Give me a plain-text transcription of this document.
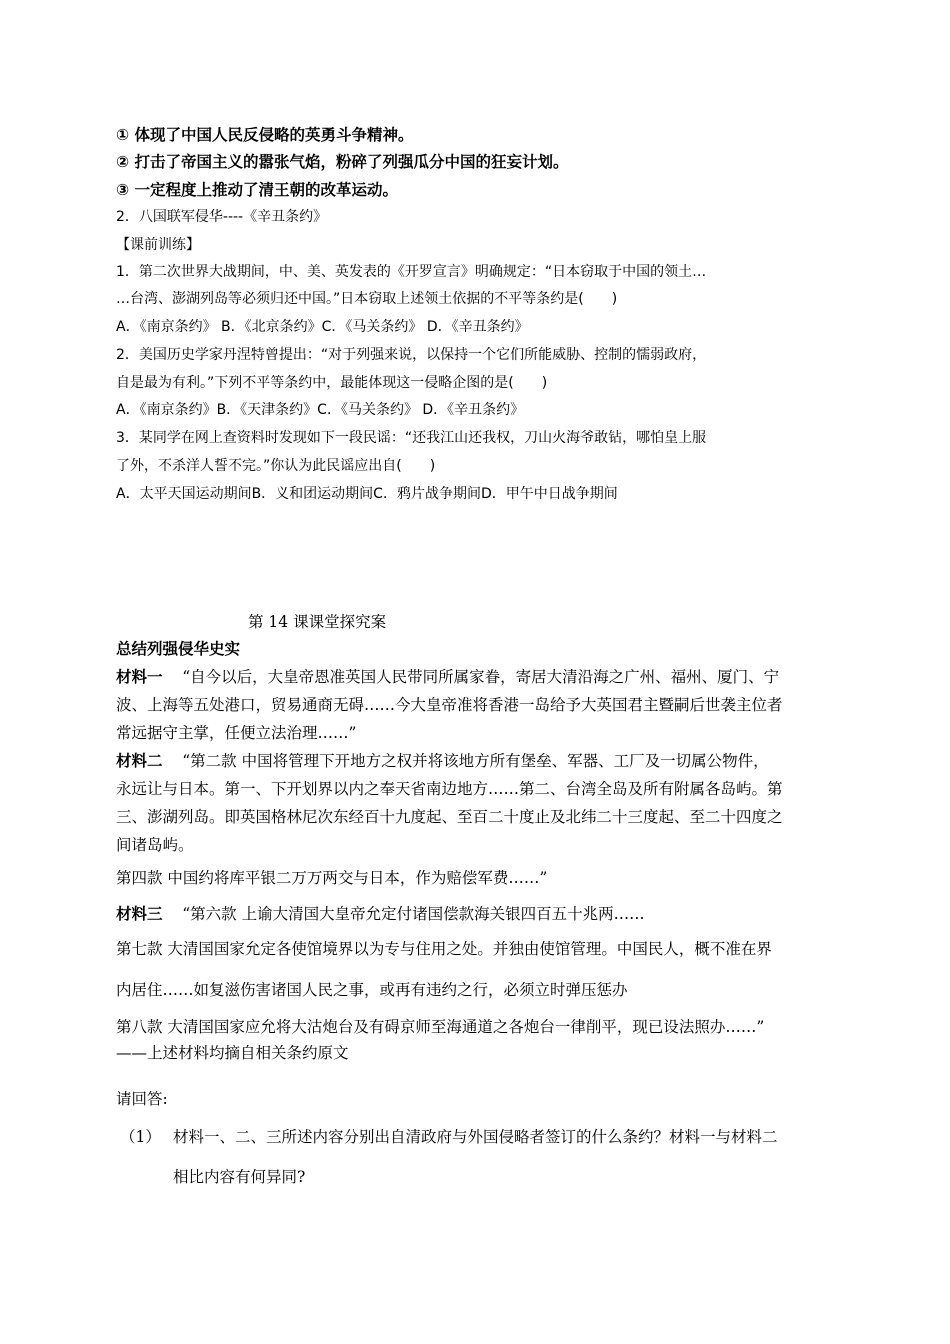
① 体现了中国人民反侵略的英勇斗争精神。
② 打击了帝国主义的嚣张气焰，粉碎了列强瓜分中国的狂妄计划。
③ 一定程度上推动了清王朝的改革运动。
2．八国联军侵华----《辛丑条约》
【课前训练】
1．第二次世界大战期间，中、美、英发表的《开罗宣言》明确规定：“日本窃取于中国的领土…
…台湾、澎湖列岛等必须归还中国。”日本窃取上述领土依据的不平等条约是(　　)
A．《南京条约》 B．《北京条约》C．《马关条约》 D．《辛丑条约》
2．美国历史学家丹涅特曾提出：“对于列强来说，以保持一个它们所能威胁、控制的懦弱政府，
自是最为有利。”下列不平等条约中，最能体现这一侵略企图的是(　　)
A．《南京条约》B．《天津条约》C．《马关条约》 D．《辛丑条约》
3．某同学在网上查资料时发现如下一段民谣：“还我江山还我权，刀山火海爷敢钻，哪怕皇上服
了外，不杀洋人誓不完。”你认为此民谣应出自(　　)
A．太平天国运动期间B．义和团运动期间C．鸦片战争期间D．甲午中日战争期间
第 14 课课堂探究案
总结列强侵华史实
材料一 “自今以后，大皇帝恩准英国人民带同所属家眷，寄居大清沿海之广州、福州、厦门、宁
波、上海等五处港口，贸易通商无碍……今大皇帝准将香港一岛给予大英国君主暨嗣后世袭主位者
常远据守主掌，任便立法治理……”
材料二 “第二款 中国将管理下开地方之权并将该地方所有堡垒、军器、工厂及一切属公物件，
永远让与日本。第一、下开划界以内之奉天省南边地方……第二、台湾全岛及所有附属各岛屿。第
三、澎湖列岛。即英国格林尼次东经百十九度起、至百二十度止及北纬二十三度起、至二十四度之
间诸岛屿。
第四款 中国约将库平银二万万两交与日本，作为赔偿军费……”
材料三 “第六款 上谕大清国大皇帝允定付诸国偿款海关银四百五十兆两……
第七款 大清国国家允定各使馆境界以为专与住用之处。并独由使馆管理。中国民人，概不准在界
内居住……如复滋伤害诸国人民之事，或再有违约之行，必须立时弹压惩办
第八款 大清国国家应允将大沽炮台及有碍京师至海通道之各炮台一律削平，现已设法照办……”
——上述材料均摘自相关条约原文
请回答:
（1） 材料一、二、三所述内容分别出自清政府与外国侵略者签订的什么条约？材料一与材料二
相比内容有何异同?
